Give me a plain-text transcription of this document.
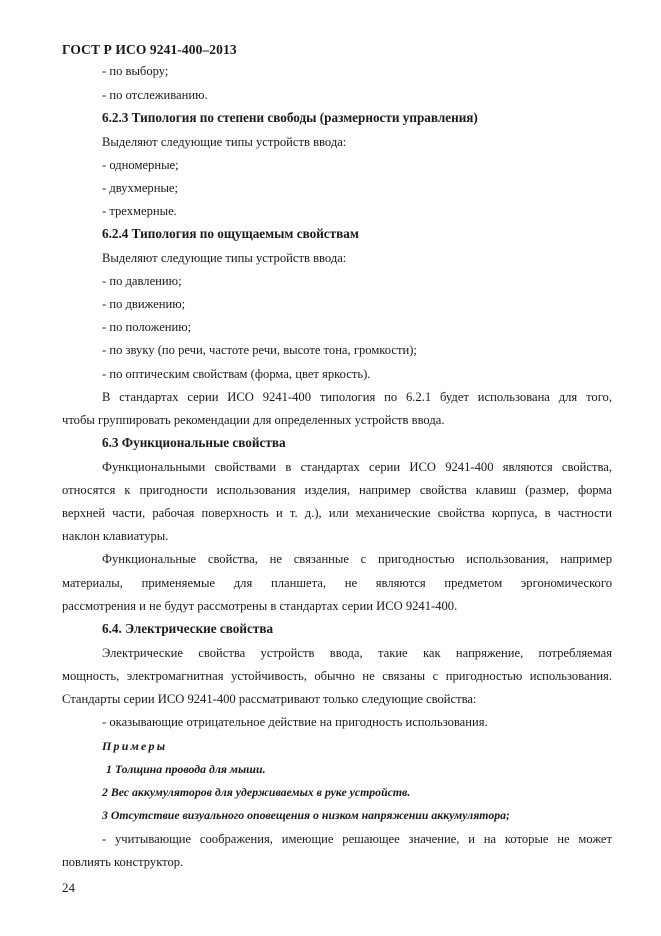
ГОСТ Р ИСО 9241-400–2013
- по выбору;
- по отслеживанию.
6.2.3 Типология по степени свободы (размерности управления)
Выделяют следующие типы устройств ввода:
- одномерные;
- двухмерные;
- трехмерные.
6.2.4 Типология по ощущаемым свойствам
Выделяют следующие типы устройств ввода:
- по давлению;
- по движению;
- по положению;
- по звуку (по речи, частоте речи, высоте тона, громкости);
- по оптическим свойствам (форма, цвет яркость).
В стандартах серии ИСО 9241-400 типология по 6.2.1 будет использована для того,
чтобы группировать рекомендации для определенных устройств ввода.
6.3 Функциональные свойства
Функциональными свойствами в стандартах серии ИСО 9241-400 являются свойства,
относятся к пригодности использования изделия, например свойства клавиш (размер, форма
верхней части, рабочая поверхность и т. д.), или механические свойства корпуса, в частности
наклон клавиатуры.
Функциональные свойства, не связанные с пригодностью использования, например
материалы, применяемые для планшета, не являются предметом эргономического
рассмотрения и не будут рассмотрены в стандартах серии ИСО 9241-400.
6.4. Электрические свойства
Электрические свойства устройств ввода, такие как напряжение, потребляемая
мощность, электромагнитная устойчивость, обычно не связаны с пригодностью использования.
Стандарты серии ИСО 9241-400 рассматривают только следующие свойства:
- оказывающие отрицательное действие на пригодность использования.
Примеры
1 Толщина провода для мыши.
2 Вес аккумуляторов для удерживаемых в руке устройств.
3 Отсутствие визуального оповещения о низком напряжении аккумулятора;
- учитывающие соображения, имеющие решающее значение, и на которые не может
повлиять конструктор.
24
